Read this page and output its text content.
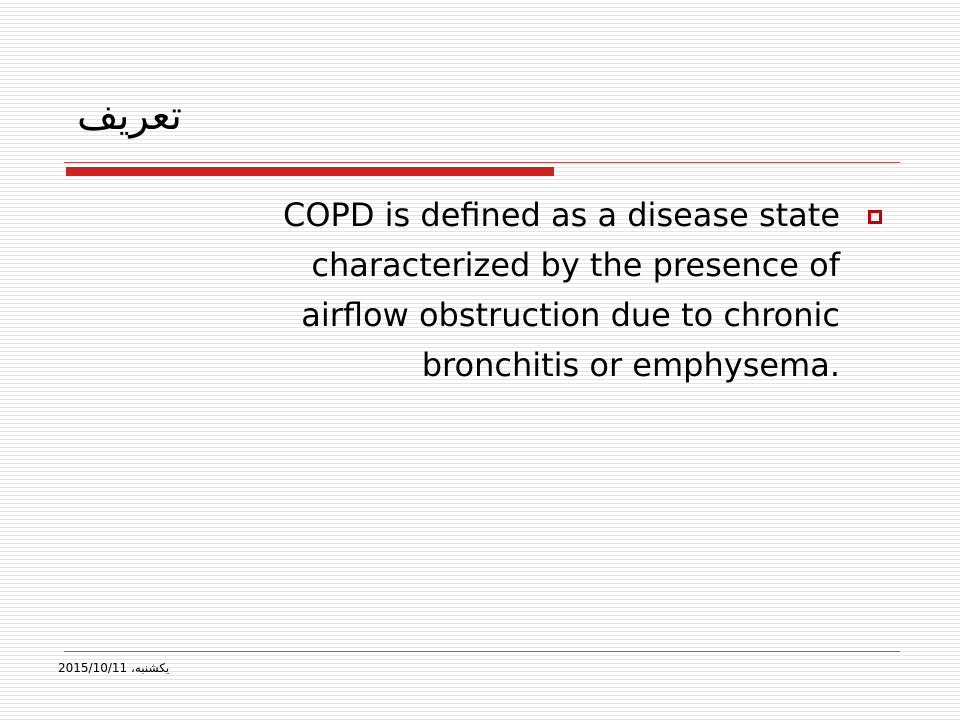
تعريف
COPD is defined as a disease state
characterized by the presence of
airflow obstruction due to chronic
bronchitis or emphysema.
يكشنبه، 2015/10/11
